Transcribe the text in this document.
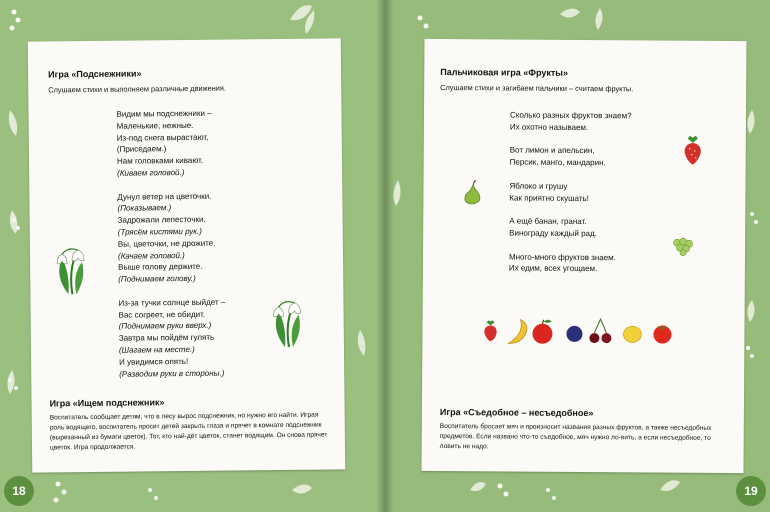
Игра «Подснежники»
Слушаем стихи и выполняем различные движения.
Видим мы подснежники –
Маленькие, нежные.
Из-под снега вырастают,
(Приседаем.)
Нам головками кивают.
(Киваем головой.)
Дунул ветер на цветочки.
(Показываем.)
Задрожали лепесточки.
(Трясём кистями рук.)
Вы, цветочки, не дрожите.
(Качаем головой.)
Выше голову держите.
(Поднимаем голову.)
Из-за тучки солнце выйдет –
Вас согреет, не обидит.
(Поднимаем руки вверх.)
Завтра мы пойдём гулять
(Шагаем на месте.)
И увидимся опять!
(Разводим руки в стороны.)
Игра «Ищем подснежник»
Воспитатель сообщает детям, что в лесу вырос подснежник, но нужно его найти. Играя роль водящего, воспитатель просит детей закрыть глаза и прячет в комнате подснежник (вырезанный из бумаги цветок). Тот, кто най-дёт цветок, станет водящим. Он снова прячет цветок. Игра продолжается.
Пальчиковая игра «Фрукты»
Слушаем стихи и загибаем пальчики – считаем фрукты.
Сколько разных фруктов знаем?
Их охотно называем.
Вот лимон и апельсин,
Персик, манго, мандарин.
Яблоко и грушу
Как приятно скушать!
А ещё банан, гранат.
Винограду каждый рад.
Много-много фруктов знаем.
Их едим, всех угощаем.
Игра «Съедобное – несъедобное»
Воспитатель бросает мяч и произносит названия разных фруктов, а также несъедобных предметов. Если названо что-то съедобное, мяч нужно ло-вить, а если несъедобное, то ловить не надо.
18	19
